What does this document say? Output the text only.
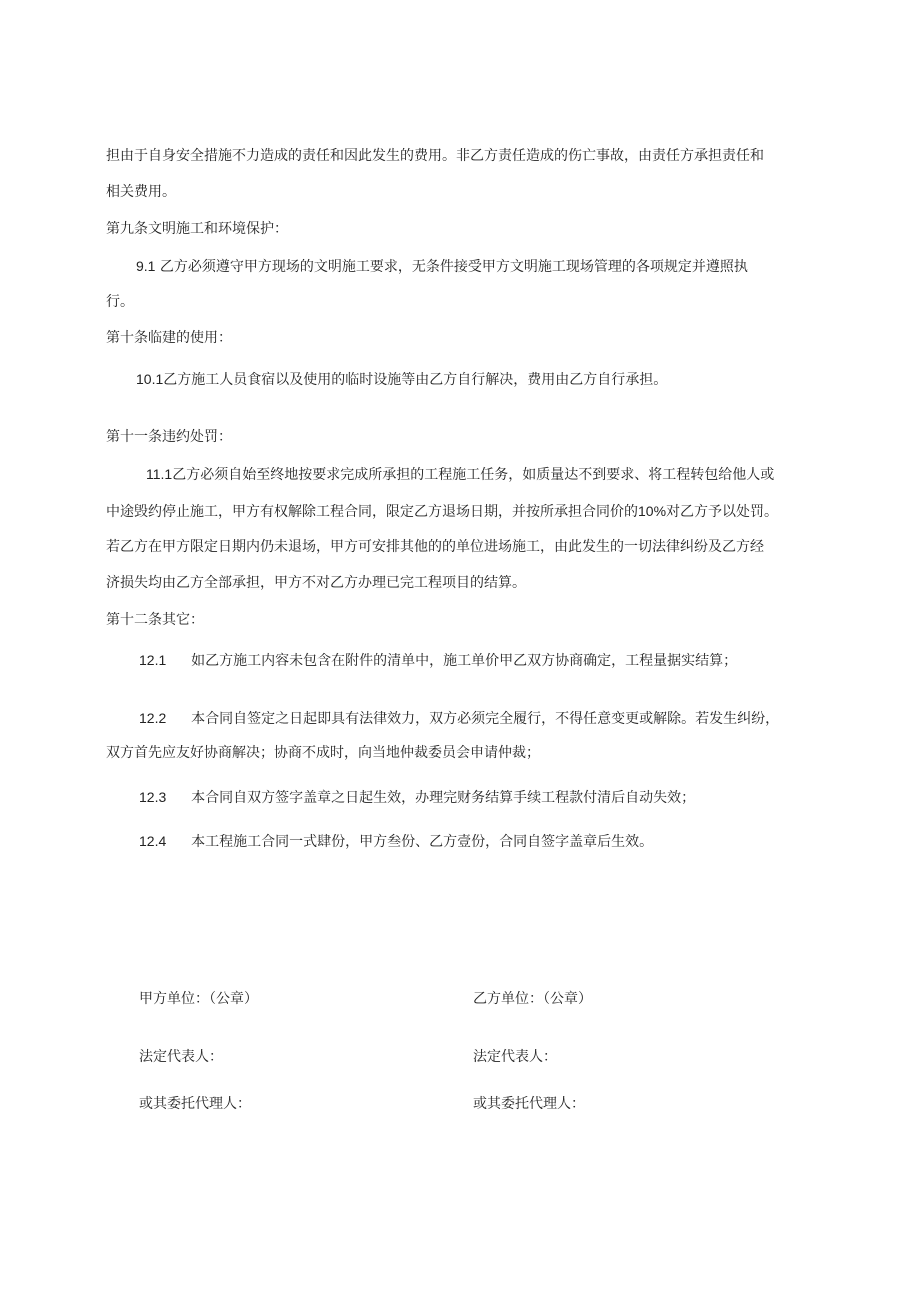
担由于自身安全措施不力造成的责任和因此发生的费用。非乙方责任造成的伤亡事故，由责任方承担责任和
相关费用。
第九条文明施工和环境保护：
9.1 乙方必须遵守甲方现场的文明施工要求，无条件接受甲方文明施工现场管理的各项规定并遵照执
行。
第十条临建的使用：
10.1乙方施工人员食宿以及使用的临时设施等由乙方自行解决，费用由乙方自行承担。
第十一条违约处罚：
11.1乙方必须自始至终地按要求完成所承担的工程施工任务，如质量达不到要求、将工程转包给他人或
中途毁约停止施工，甲方有权解除工程合同，限定乙方退场日期，并按所承担合同价的10%对乙方予以处罚。
若乙方在甲方限定日期内仍未退场，甲方可安排其他的的单位进场施工，由此发生的一切法律纠纷及乙方经
济损失均由乙方全部承担，甲方不对乙方办理已完工程项目的结算。
第十二条其它：
12.1 如乙方施工内容未包含在附件的清单中，施工单价甲乙双方协商确定，工程量据实结算；
12.2 本合同自签定之日起即具有法律效力，双方必须完全履行，不得任意变更或解除。若发生纠纷，
双方首先应友好协商解决；协商不成时，向当地仲裁委员会申请仲裁；
12.3 本合同自双方签字盖章之日起生效，办理完财务结算手续工程款付清后自动失效；
12.4 本工程施工合同一式肆份，甲方叁份、乙方壹份，合同自签字盖章后生效。
甲方单位：（公章）	乙方单位：（公章）
法定代表人：	法定代表人：
或其委托代理人：	或其委托代理人：
